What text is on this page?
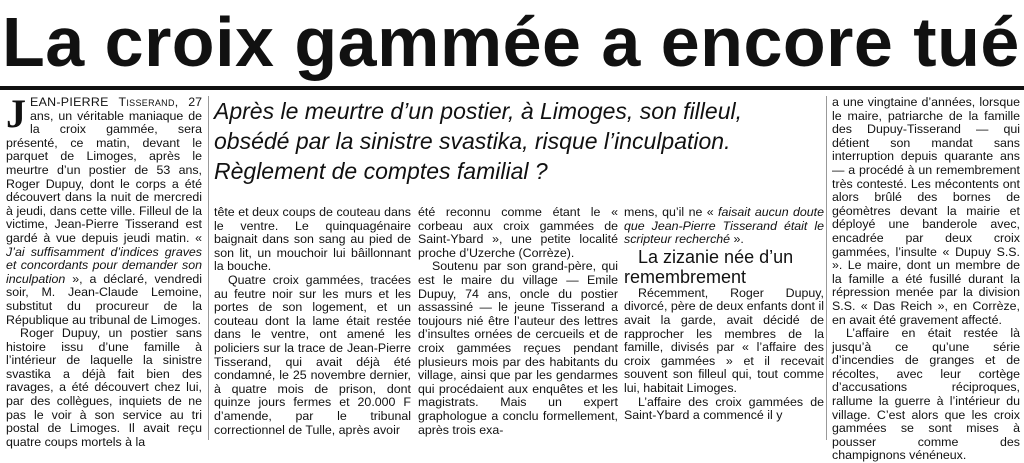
La croix gammée a encore tué

JEAN-PIERRE Tisserand, 27 ans, un véritable maniaque de la croix gammée, sera présenté, ce matin, devant le parquet de Limoges, après le meurtre d’un postier de 53 ans, Roger Dupuy, dont le corps a été découvert dans la nuit de mercredi à jeudi, dans cette ville. Filleul de la victime, Jean-Pierre Tisserand est gardé à vue depuis jeudi matin. « J’ai suffisamment d’indices graves et concordants pour demander son inculpation », a déclaré, vendredi soir, M. Jean-Claude Lemoine, substitut du procureur de la République au tribunal de Limoges.

Roger Dupuy, un postier sans histoire issu d’une famille à l’intérieur de laquelle la sinistre svastika a déjà fait bien des ravages, a été découvert chez lui, par des collègues, inquiets de ne pas le voir à son service au tri postal de Limoges. Il avait reçu quatre coups mortels à la

Après le meurtre d’un postier, à Limoges, son filleul, obsédé par la sinistre svastika, risque l’inculpation. Règlement de comptes familial ?

tête et deux coups de couteau dans le ventre. Le quinquagénaire baignait dans son sang au pied de son lit, un mouchoir lui bâillonnant la bouche.

Quatre croix gammées, tracées au feutre noir sur les murs et les portes de son logement, et un couteau dont la lame était restée dans le ventre, ont amené les policiers sur la trace de Jean-Pierre Tisserand, qui avait déjà été condamné, le 25 novembre dernier, à quatre mois de prison, dont quinze jours fermes et 20.000 F d’amende, par le tribunal correctionnel de Tulle, après avoir

été reconnu comme étant le « corbeau aux croix gammées de Saint-Ybard », une petite localité proche d’Uzerche (Corrèze).

Soutenu par son grand-père, qui est le maire du village — Emile Dupuy, 74 ans, oncle du postier assassiné — le jeune Tisserand a toujours nié être l’auteur des lettres d’insultes ornées de cercueils et de croix gammées reçues pendant plusieurs mois par des habitants du village, ainsi que par les gendarmes qui procédaient aux enquêtes et les magistrats. Mais un expert graphologue a conclu formellement, après trois exa-

mens, qu’il ne « faisait aucun doute que Jean-Pierre Tisserand était le scripteur recherché ».

La zizanie née d’un remembrement

Récemment, Roger Dupuy, divorcé, père de deux enfants dont il avait la garde, avait décidé de rapprocher les membres de la famille, divisés par « l’affaire des croix gammées » et il recevait souvent son filleul qui, tout comme lui, habitait Limoges.

L’affaire des croix gammées de Saint-Ybard a commencé il y

a une vingtaine d’années, lorsque le maire, patriarche de la famille des Dupuy-Tisserand — qui détient son mandat sans interruption depuis quarante ans — a procédé à un remembrement très contesté. Les mécontents ont alors brûlé des bornes de géomètres devant la mairie et déployé une banderole avec, encadrée par deux croix gammées, l’insulte « Dupuy S.S. ». Le maire, dont un membre de la famille a été fusillé durant la répression menée par la division S.S. « Das Reich », en Corrèze, en avait été gravement affecté.

L’affaire en était restée là jusqu’à ce qu’une série d’incendies de granges et de récoltes, avec leur cortège d’accusations réciproques, rallume la guerre à l’intérieur du village. C’est alors que les croix gammées se sont mises à pousser comme des champignons vénéneux.
